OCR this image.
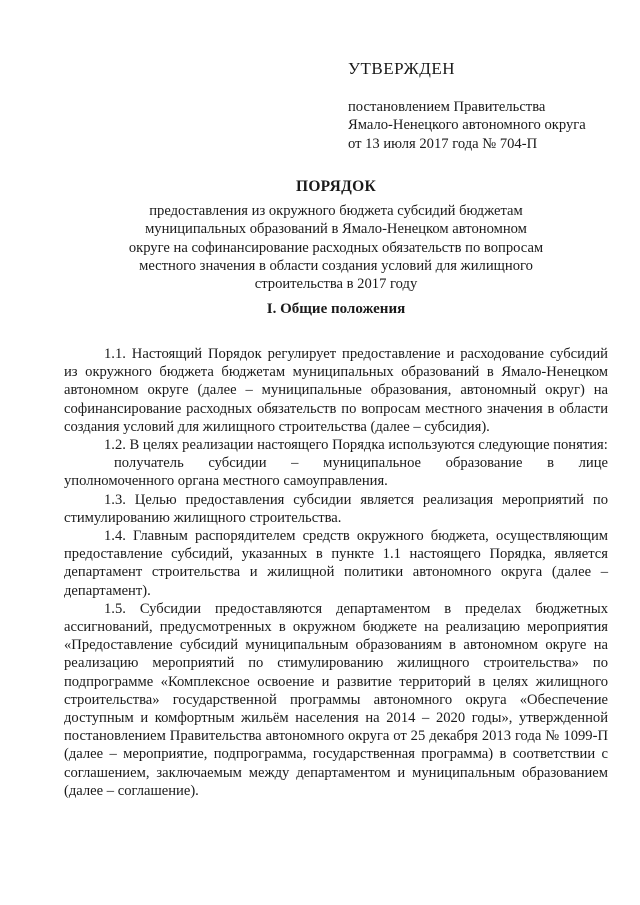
УТВЕРЖДЕН
постановлением Правительства
Ямало-Ненецкого автономного округа
от 13 июля 2017 года № 704-П
ПОРЯДОК
предоставления из окружного бюджета субсидий бюджетам
муниципальных образований в Ямало-Ненецком автономном
округе на софинансирование расходных обязательств по вопросам
местного значения в области создания условий для жилищного
строительства в 2017 году
I. Общие положения

1.1. Настоящий Порядок регулирует предоставление и расходование субсидий из окружного бюджета бюджетам муниципальных образований в Ямало-Ненецком автономном округе (далее – муниципальные образования, автономный округ) на софинансирование расходных обязательств по вопросам местного значения в области создания условий для жилищного строительства (далее – субсидия).

1.2. В целях реализации настоящего Порядка используются следующие понятия:

получатель субсидии – муниципальное образование в лице
уполномоченного органа местного самоуправления.

1.3. Целью предоставления субсидии является реализация мероприятий по стимулированию жилищного строительства.

1.4. Главным распорядителем средств окружного бюджета, осуществляющим предоставление субсидий, указанных в пункте 1.1 настоящего Порядка, является департамент строительства и жилищной политики автономного округа (далее – департамент).

1.5. Субсидии предоставляются департаментом в пределах бюджетных ассигнований, предусмотренных в окружном бюджете на реализацию мероприятия «Предоставление субсидий муниципальным образованиям в автономном округе на реализацию мероприятий по стимулированию жилищного строительства» по подпрограмме «Комплексное освоение и развитие территорий в целях жилищного строительства» государственной программы автономного округа «Обеспечение доступным и комфортным жильём населения на 2014 – 2020 годы», утвержденной постановлением Правительства автономного округа от 25 декабря 2013 года № 1099-П (далее – мероприятие, подпрограмма, государственная программа) в соответствии с соглашением, заключаемым между департаментом и муниципальным образованием (далее – соглашение).
